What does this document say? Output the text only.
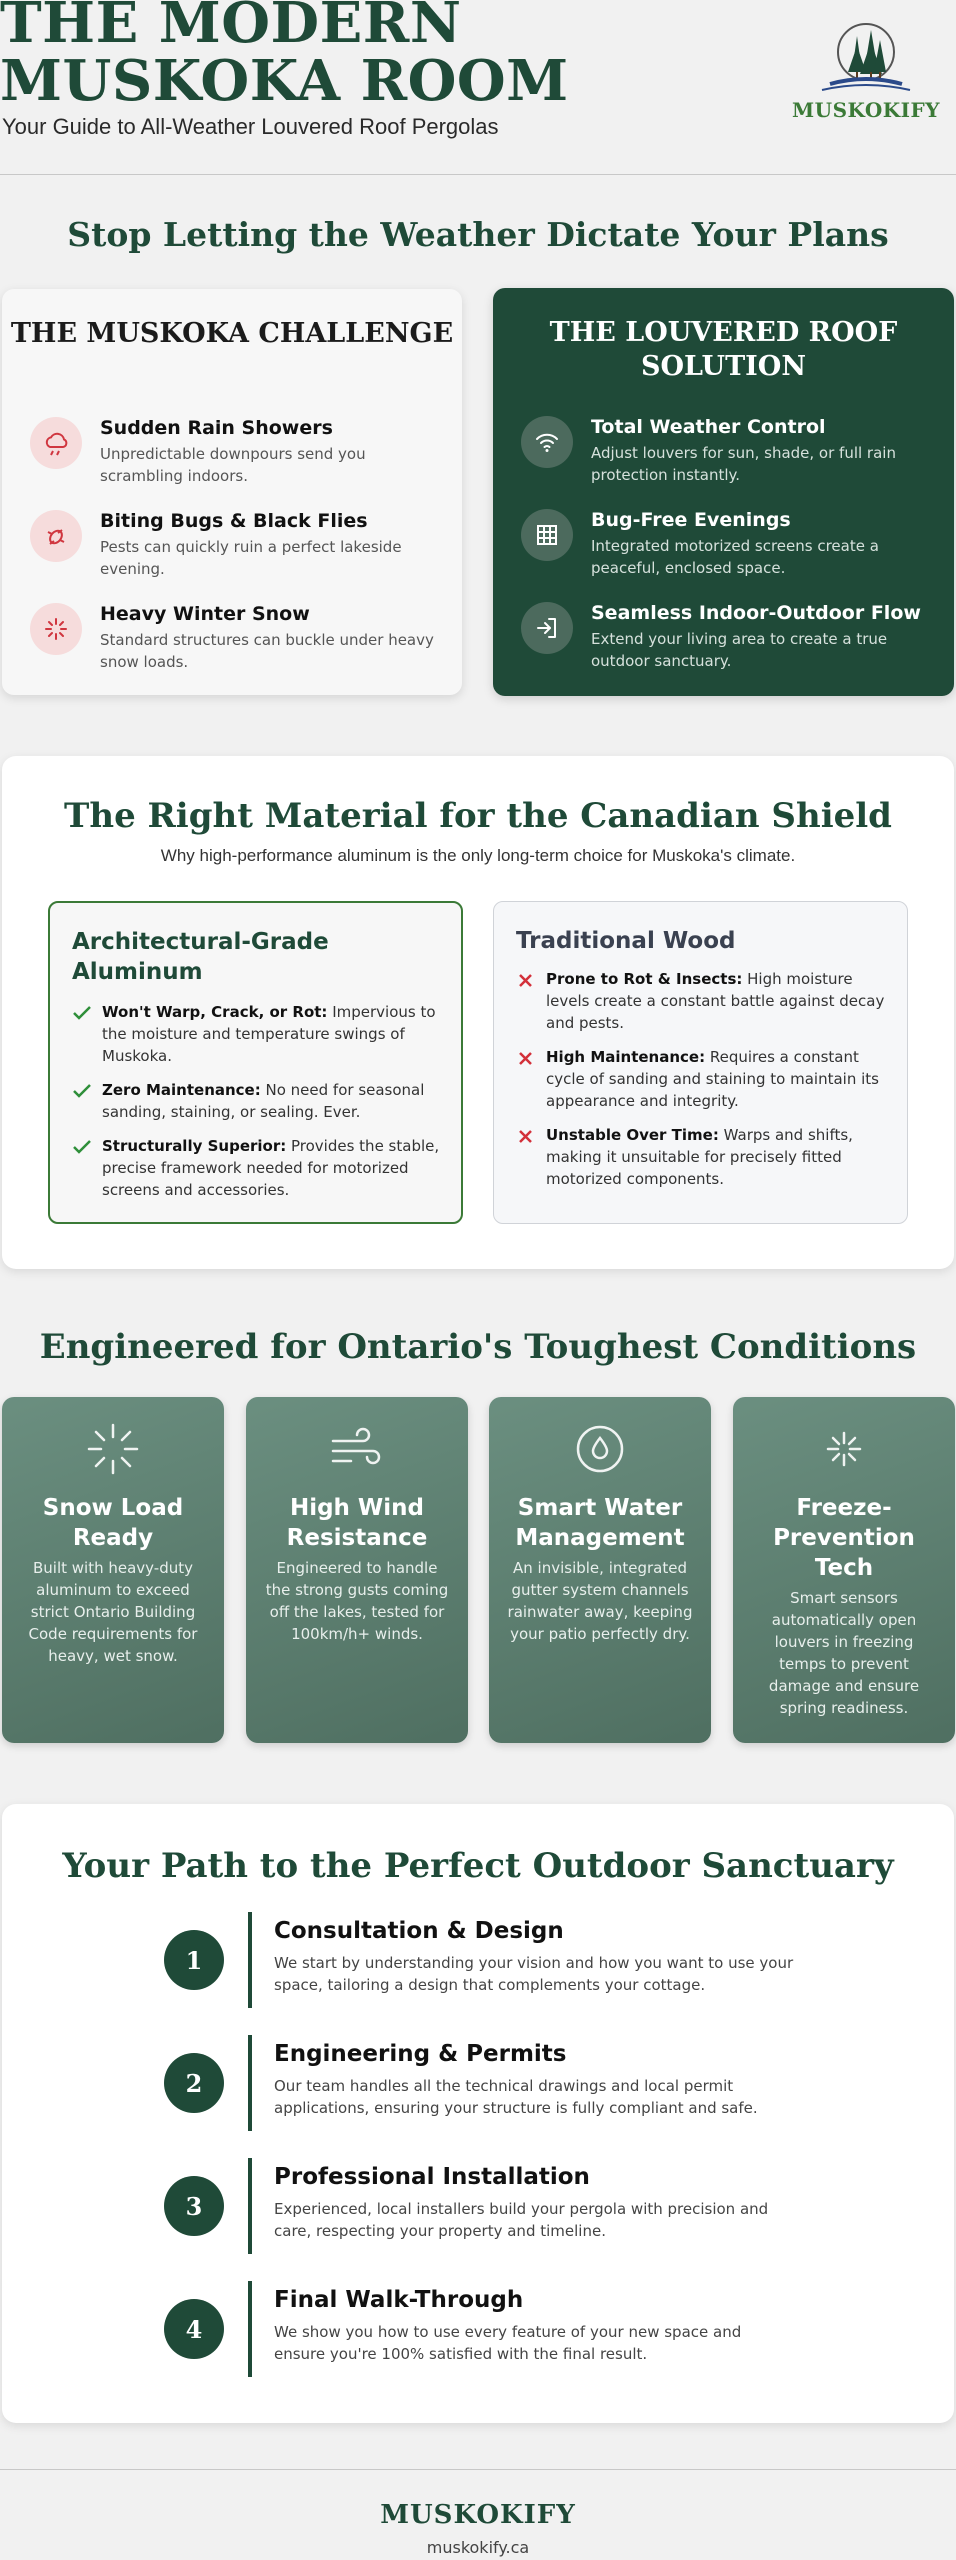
THE MODERN MUSKOKA ROOM
Your Guide to All-Weather Louvered Roof Pergolas
MUSKOKIFY
Stop Letting the Weather Dictate Your Plans
THE MUSKOKA CHALLENGE
Sudden Rain Showers
Unpredictable downpours send you scrambling indoors.
Biting Bugs & Black Flies
Pests can quickly ruin a perfect lakeside evening.
Heavy Winter Snow
Standard structures can buckle under heavy snow loads.
THE LOUVERED ROOF SOLUTION
Total Weather Control
Adjust louvers for sun, shade, or full rain protection instantly.
Bug-Free Evenings
Integrated motorized screens create a peaceful, enclosed space.
Seamless Indoor-Outdoor Flow
Extend your living area to create a true outdoor sanctuary.
The Right Material for the Canadian Shield
Why high-performance aluminum is the only long-term choice for Muskoka's climate.
Architectural-Grade Aluminum
Won't Warp, Crack, or Rot: Impervious to the moisture and temperature swings of Muskoka.
Zero Maintenance: No need for seasonal sanding, staining, or sealing. Ever.
Structurally Superior: Provides the stable, precise framework needed for motorized screens and accessories.
Traditional Wood
Prone to Rot & Insects: High moisture levels create a constant battle against decay and pests.
High Maintenance: Requires a constant cycle of sanding and staining to maintain its appearance and integrity.
Unstable Over Time: Warps and shifts, making it unsuitable for precisely fitted motorized components.
Engineered for Ontario's Toughest Conditions
Snow Load Ready
Built with heavy-duty aluminum to exceed strict Ontario Building Code requirements for heavy, wet snow.
High Wind Resistance
Engineered to handle the strong gusts coming off the lakes, tested for 100km/h+ winds.
Smart Water Management
An invisible, integrated gutter system channels rainwater away, keeping your patio perfectly dry.
Freeze-Prevention Tech
Smart sensors automatically open louvers in freezing temps to prevent damage and ensure spring readiness.
Your Path to the Perfect Outdoor Sanctuary
1
Consultation & Design
We start by understanding your vision and how you want to use your space, tailoring a design that complements your cottage.
2
Engineering & Permits
Our team handles all the technical drawings and local permit applications, ensuring your structure is fully compliant and safe.
3
Professional Installation
Experienced, local installers build your pergola with precision and care, respecting your property and timeline.
4
Final Walk-Through
We show you how to use every feature of your new space and ensure you're 100% satisfied with the final result.
MUSKOKIFY
muskokify.ca
